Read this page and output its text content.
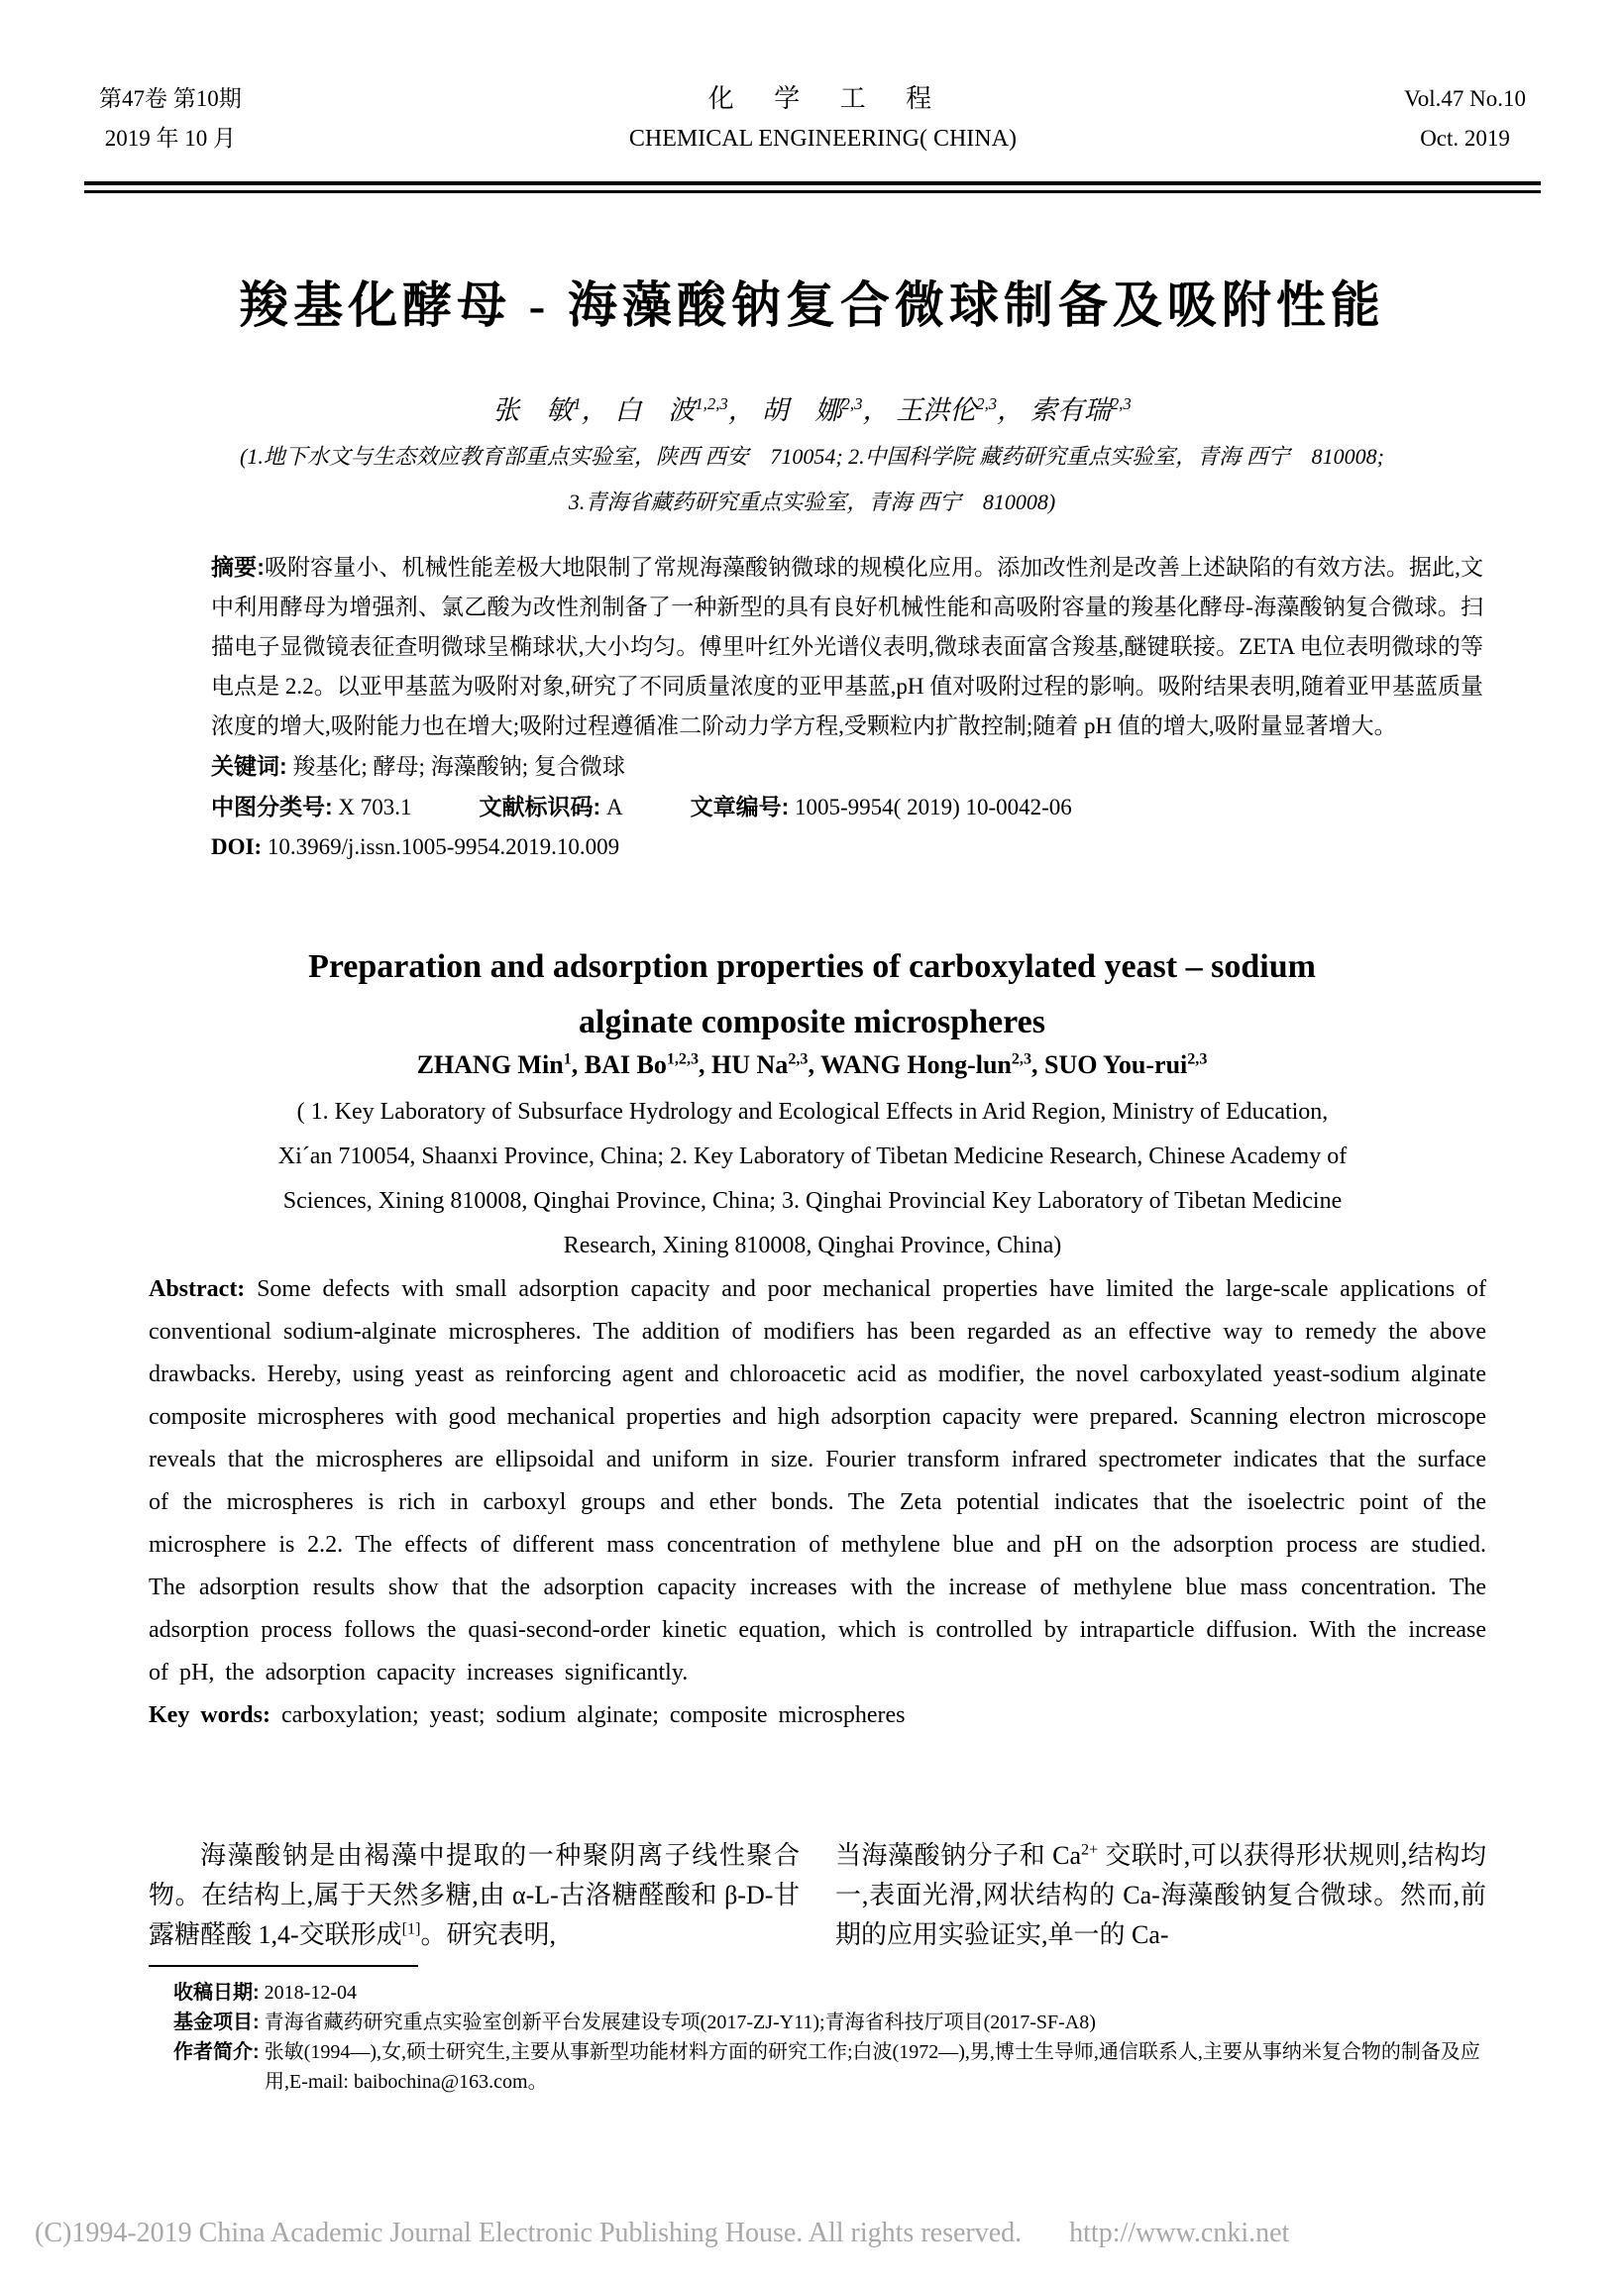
第47卷 第10期
2019 年 10 月
化 学 工 程
CHEMICAL ENGINEERING( CHINA)
Vol.47 No.10
Oct. 2019
羧基化酵母 - 海藻酸钠复合微球制备及吸附性能
张　敏$^1$， 白　波$^{1,2,3}$， 胡　娜$^{2,3}$， 王洪伦$^{2,3}$， 索有瑞$^{2,3}$
(1.地下水文与生态效应教育部重点实验室，陕西 西安　710054; 2.中国科学院 藏药研究重点实验室，青海 西宁　810008;
3.青海省藏药研究重点实验室，青海 西宁　810008)

摘要:吸附容量小、机械性能差极大地限制了常规海藻酸钠微球的规模化应用。添加改性剂是改善上述缺陷的有效方法。据此,文中利用酵母为增强剂、氯乙酸为改性剂制备了一种新型的具有良好机械性能和高吸附容量的羧基化酵母-海藻酸钠复合微球。扫描电子显微镜表征查明微球呈椭球状,大小均匀。傅里叶红外光谱仪表明,微球表面富含羧基,醚键联接。ZETA 电位表明微球的等电点是 2.2。以亚甲基蓝为吸附对象,研究了不同质量浓度的亚甲基蓝,pH 值对吸附过程的影响。吸附结果表明,随着亚甲基蓝质量浓度的增大,吸附能力也在增大;吸附过程遵循准二阶动力学方程,受颗粒内扩散控制;随着 pH 值的增大,吸附量显著增大。

关键词: 羧基化; 酵母; 海藻酸钠; 复合微球

中图分类号: X 703.1	文献标识码: A	文章编号: 1005-9954( 2019) 10-0042-06

DOI: 10.3969/j.issn.1005-9954.2019.10.009

Preparation and adsorption properties of carboxylated yeast – sodium
alginate composite microspheres
ZHANG Min$^1$, BAI Bo$^{1,2,3}$, HU Na$^{2,3}$, WANG Hong-lun$^{2,3}$, SUO You-rui$^{2,3}$
( 1. Key Laboratory of Subsurface Hydrology and Ecological Effects in Arid Region, Ministry of Education,
Xi´an 710054, Shaanxi Province, China; 2. Key Laboratory of Tibetan Medicine Research, Chinese Academy of
Sciences, Xining 810008, Qinghai Province, China; 3. Qinghai Provincial Key Laboratory of Tibetan Medicine
Research, Xining 810008, Qinghai Province, China)

Abstract: Some defects with small adsorption capacity and poor mechanical properties have limited the large-scale applications of conventional sodium-alginate microspheres. The addition of modifiers has been regarded as an effective way to remedy the above drawbacks. Hereby, using yeast as reinforcing agent and chloroacetic acid as modifier, the novel carboxylated yeast-sodium alginate composite microspheres with good mechanical properties and high adsorption capacity were prepared. Scanning electron microscope reveals that the microspheres are ellipsoidal and uniform in size. Fourier transform infrared spectrometer indicates that the surface of the microspheres is rich in carboxyl groups and ether bonds. The Zeta potential indicates that the isoelectric point of the microsphere is 2.2. The effects of different mass concentration of methylene blue and pH on the adsorption process are studied. The adsorption results show that the adsorption capacity increases with the increase of methylene blue mass concentration. The adsorption process follows the quasi-second-order kinetic equation, which is controlled by intraparticle diffusion. With the increase of pH, the adsorption capacity increases significantly.

Key words: carboxylation; yeast; sodium alginate; composite microspheres

海藻酸钠是由褐藻中提取的一种聚阴离子线性聚合物。在结构上,属于天然多糖,由 α-L-古洛糖醛酸和 β-D-甘露糖醛酸 1,4-交联形成[1]。研究表明,

当海藻酸钠分子和 $Ca^{2+}$ 交联时,可以获得形状规则,结构均一,表面光滑,网状结构的 Ca-海藻酸钠复合微球。然而,前期的应用实验证实,单一的 Ca-

收稿日期: 2018-12-04

基金项目: 青海省藏药研究重点实验室创新平台发展建设专项(2017-ZJ-Y11);青海省科技厅项目(2017-SF-A8)

作者简介: 张敏(1994—),女,硕士研究生,主要从事新型功能材料方面的研究工作;白波(1972—),男,博士生导师,通信联系人,主要从事纳米复合物的制备及应用,E-mail: baibochina@163.com。

(C)1994-2019 China Academic Journal Electronic Publishing House. All rights reserved. http://www.cnki.net
